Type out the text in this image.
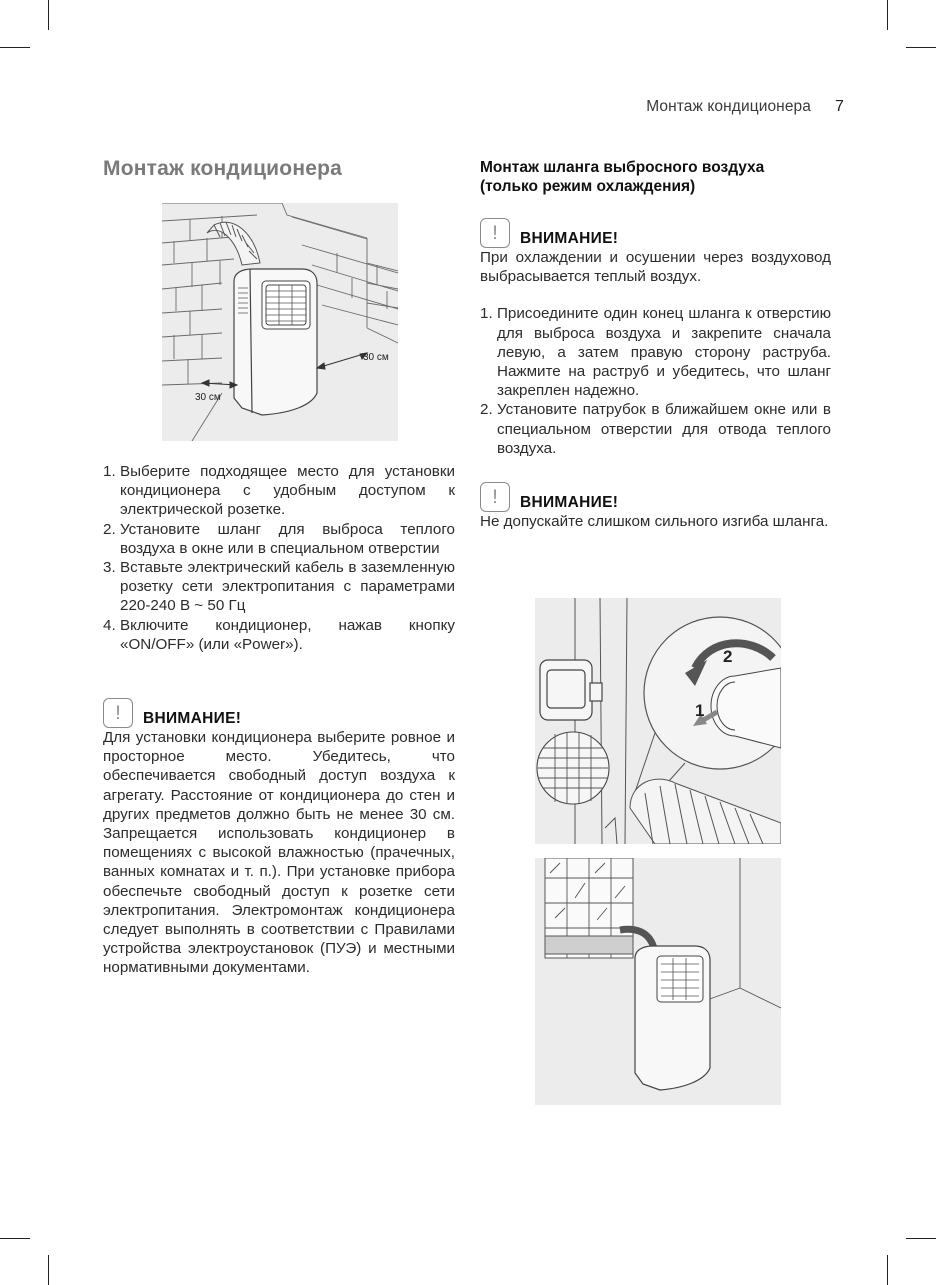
Монтаж кондиционера 7
Монтаж кондиционера
30 см
30 см
1. Выберите подходящее место для установки кондиционера с удобным доступом к электрической розетке.
2. Установите шланг для выброса теплого воздуха в окне или в специальном отверстии
3. Вставьте электрический кабель в заземленную розетку сети электропитания с параметрами 220-240 В ~ 50 Гц
4. Включите кондиционер, нажав кнопку «ON/OFF» (или «Power»).
!	ВНИМАНИЕ!

Для установки кондиционера выберите ровное и просторное место. Убедитесь, что обеспечивается свободный доступ воздуха к агрегату. Расстояние от кондиционера до стен и других предметов должно быть не менее 30 см. Запрещается использовать кондиционер в помещениях с высокой влажностью (прачечных, ванных комнатах и т. п.). При установке прибора обеспечьте свободный доступ к розетке сети электропитания. Электромонтаж кондиционера следует выполнять в соответствии с Правилами устройства электроустановок (ПУЭ) и местными нормативными документами.

Монтаж шланга выбросного воздуха
(только режим охлаждения)
!	ВНИМАНИЕ!

При охлаждении и осушении через воздуховод выбрасывается теплый воздух.

1. Присоедините один конец шланга к отверстию для выброса воздуха и закрепите сначала левую, а затем правую сторону раструба. Нажмите на раструб и убедитесь, что шланг закреплен надежно.
2. Установите патрубок в ближайшем окне или в специальном отверстии для отвода теплого воздуха.
!	ВНИМАНИЕ!

Не допускайте слишком сильного изгиба шланга.

2
1
